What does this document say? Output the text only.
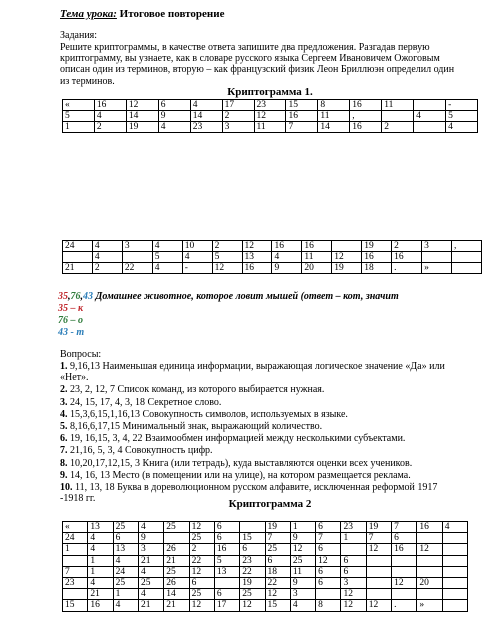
Тема урока: Итоговое повторение
Задания:
Решите криптограммы, в качестве ответа запишите два предложения. Разгадав первую криптограмму, вы узнаете, как в словаре русского языка Сергеем Ивановичем Ожоговым описан один из терминов, вторую – как французский физик Леон Бриллюэн определил один из терминов.
Криптограмма 1.
«	16	12	6	4	17	23	15	8	16	11		-
5	4	14	9	14	2	12	16	11	,		4	5
1	2	19	4	23	3	11	7	14	16	2		4
24	4	3	4	10	2	12	16	16		19	2	3	,
	4		5	4	5	13	4	11	12	16	16		
21	2	22	4	-	12	16	9	20	19	18	.	»	
35,76,43 Домашнее животное, которое ловит мышей (ответ – кот, значит
35 – к
76 – о
43 - т
Вопросы:
1. 9,16,13 Наименьшая единица информации, выражающая логическое значение «Да» или «Нет».
2. 23, 2, 12, 7 Список команд, из которого выбирается нужная.
3. 24, 15, 17, 4, 3, 18 Секретное слово.
4. 15,3,6,15,1,16,13 Совокупность символов, используемых в языке.
5. 8,16,6,17,15 Минимальный знак, выражающий количество.
6. 19, 16,15, 3, 4, 22 Взаимообмен информацией между несколькими субъектами.
7. 21,16, 5, 3, 4 Совокупность цифр.
8. 10,20,17,12,15, 3 Книга (или тетрадь), куда выставляются оценки всех учеников.
9. 14, 16, 13 Место (в помещении или на улице), на котором размещается реклама.
10. 11, 13, 18 Буква в дореволюционном русском алфавите, исключенная реформой 1917 -1918 гг.	Криптограмма 2
«	13	25	4	25	12	6		19	1	6	23	19	7	16	4
24	4	6	9		25	6	15	7	9	7	1	7	6		
1	4	13	3	26	2	16	6	25	12	6		12	16	12	
	1	4	21	21	22	5	23	6	25	12	6				
7	1	24	4	25	12	13	22	18	11	6	6				
23	4	25	25	26	6		19	22	9	6	3		12	20	
	21	1	4	14	25	6	25	12	3		12				
15	16	4	21	21	12	17	12	15	4	8	12	12	.	»	
